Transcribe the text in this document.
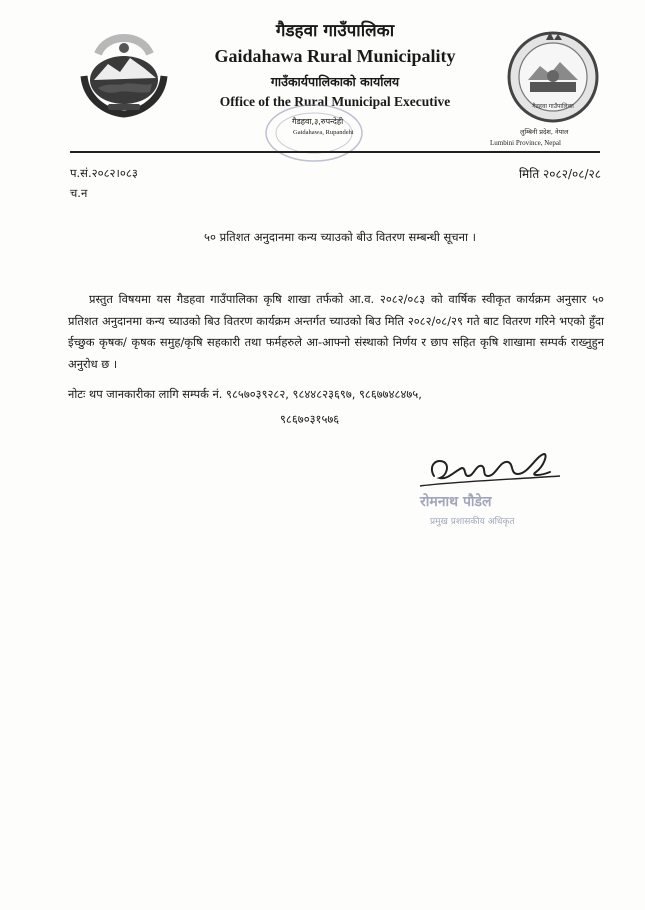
गैडहवा गाउँपालिका
Gaidahawa Rural Municipality
गाउँकार्यपालिकाको कार्यालय
Office of the Rural Municipal Executive
गैडहवा,३,रुपन्देही
Gaidahawa, Rupandehi
गैडहवा गाउँपालिका
लुम्बिनी प्रदेश, नेपाल
Lumbini Province, Nepal
प.सं.२०८२।०८३
च.न
मिति २०८२/०८/२८
५० प्रतिशत अनुदानमा कन्य च्याउको बीउ वितरण सम्बन्धी सूचना ।
प्रस्तुत विषयमा यस गैडहवा गाउँपालिका कृषि शाखा तर्फको आ.व. २०८२/०८३ को वार्षिक स्वीकृत कार्यक्रम अनुसार ५० प्रतिशत अनुदानमा कन्य च्याउको बिउ वितरण कार्यक्रम अन्तर्गत च्याउको बिउ मिति २०८२/०८/२९ गते बाट वितरण गरिने भएको हुँदा ईच्छुक कृषक/ कृषक समुह/कृषि सहकारी तथा फर्महरुले आ-आफ्नो संस्थाको निर्णय र छाप सहित कृषि शाखामा सम्पर्क राख्नुहुन अनुरोध छ ।
नोटः थप जानकारीका लागि सम्पर्क नं. ९८५७०३९२८२, ९८४४८२३६९७, ९८६७७४८४७५,
९८६७०३१५७६
रोमनाथ पौडेल
प्रमुख प्रशासकीय अधिकृत
